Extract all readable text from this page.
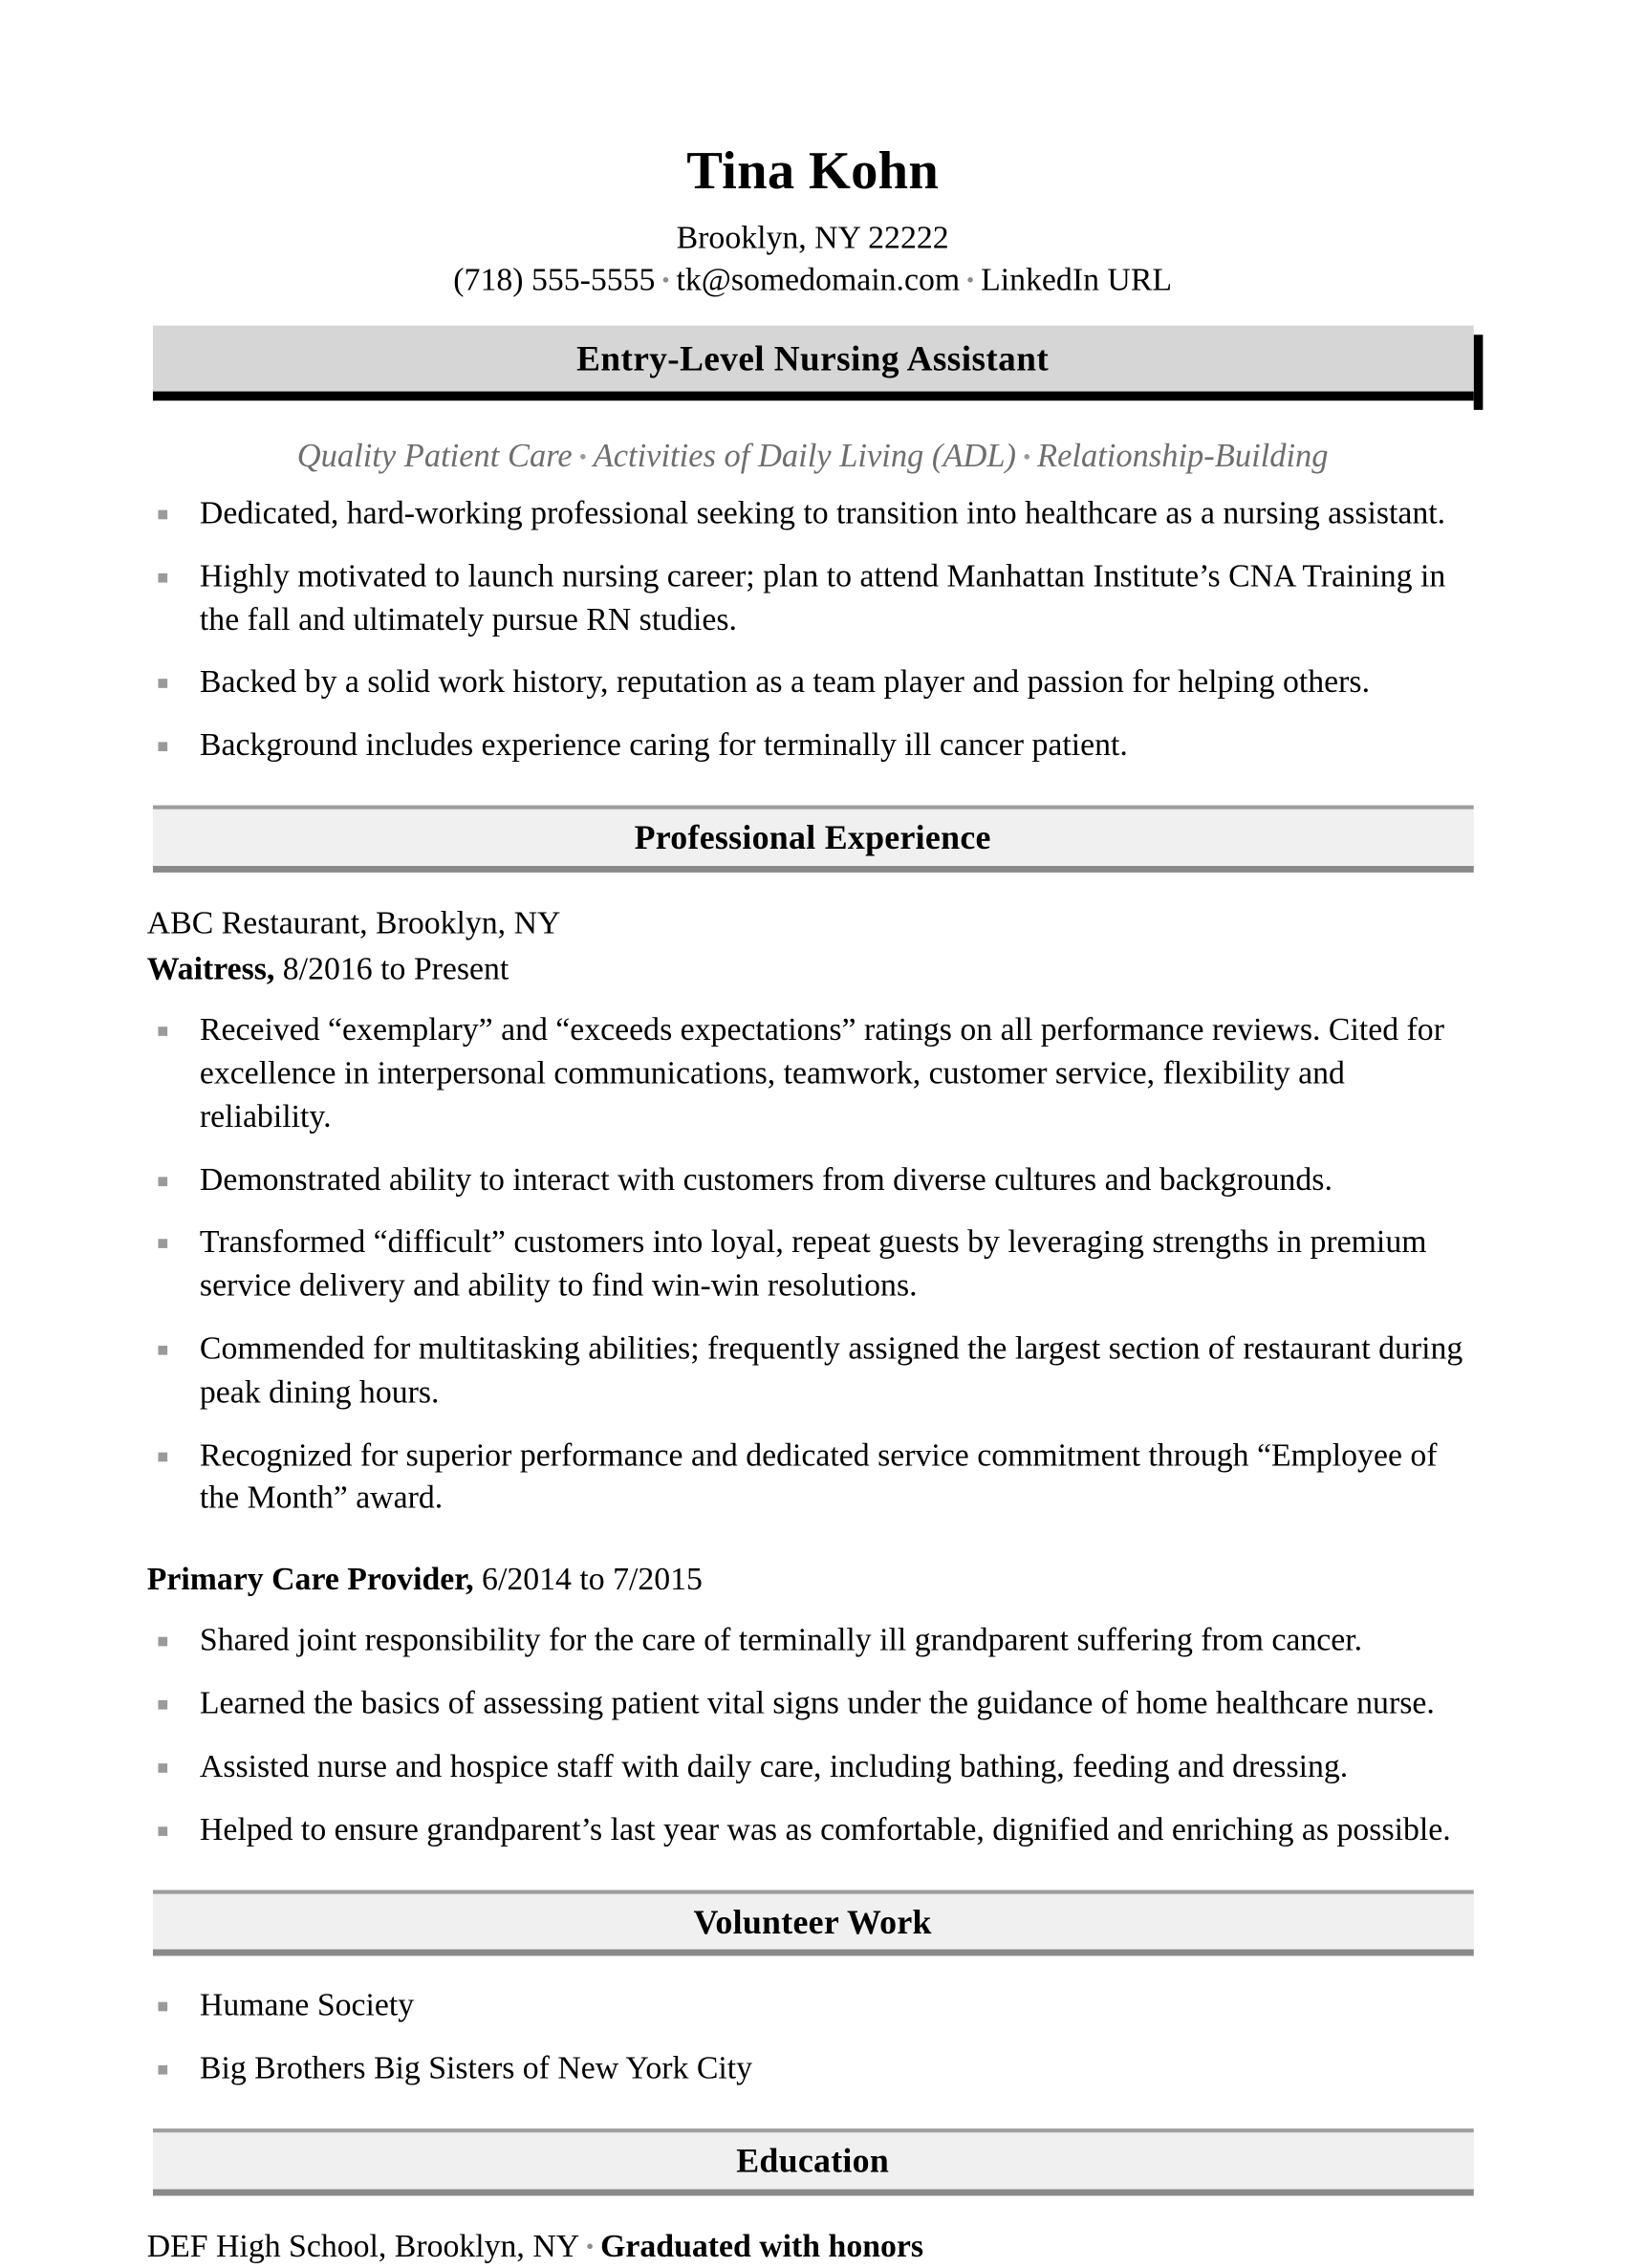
Tina Kohn
Brooklyn, NY 22222
(718) 555-5555 • tk@somedomain.com • LinkedIn URL
Entry-Level Nursing Assistant
Quality Patient Care • Activities of Daily Living (ADL) • Relationship-Building
Dedicated, hard-working professional seeking to transition into healthcare as a nursing assistant.
Highly motivated to launch nursing career; plan to attend Manhattan Institute’s CNA Training in the fall and ultimately pursue RN studies.
Backed by a solid work history, reputation as a team player and passion for helping others.
Background includes experience caring for terminally ill cancer patient.
Professional Experience
ABC Restaurant, Brooklyn, NY
Waitress, 8/2016 to Present
Received “exemplary” and “exceeds expectations” ratings on all performance reviews. Cited for excellence in interpersonal communications, teamwork, customer service, flexibility and reliability.
Demonstrated ability to interact with customers from diverse cultures and backgrounds.
Transformed “difficult” customers into loyal, repeat guests by leveraging strengths in premium service delivery and ability to find win-win resolutions.
Commended for multitasking abilities; frequently assigned the largest section of restaurant during peak dining hours.
Recognized for superior performance and dedicated service commitment through “Employee of the Month” award.
Primary Care Provider, 6/2014 to 7/2015
Shared joint responsibility for the care of terminally ill grandparent suffering from cancer.
Learned the basics of assessing patient vital signs under the guidance of home healthcare nurse.
Assisted nurse and hospice staff with daily care, including bathing, feeding and dressing.
Helped to ensure grandparent’s last year was as comfortable, dignified and enriching as possible.
Volunteer Work
Humane Society
Big Brothers Big Sisters of New York City
Education
DEF High School, Brooklyn, NY • Graduated with honors
